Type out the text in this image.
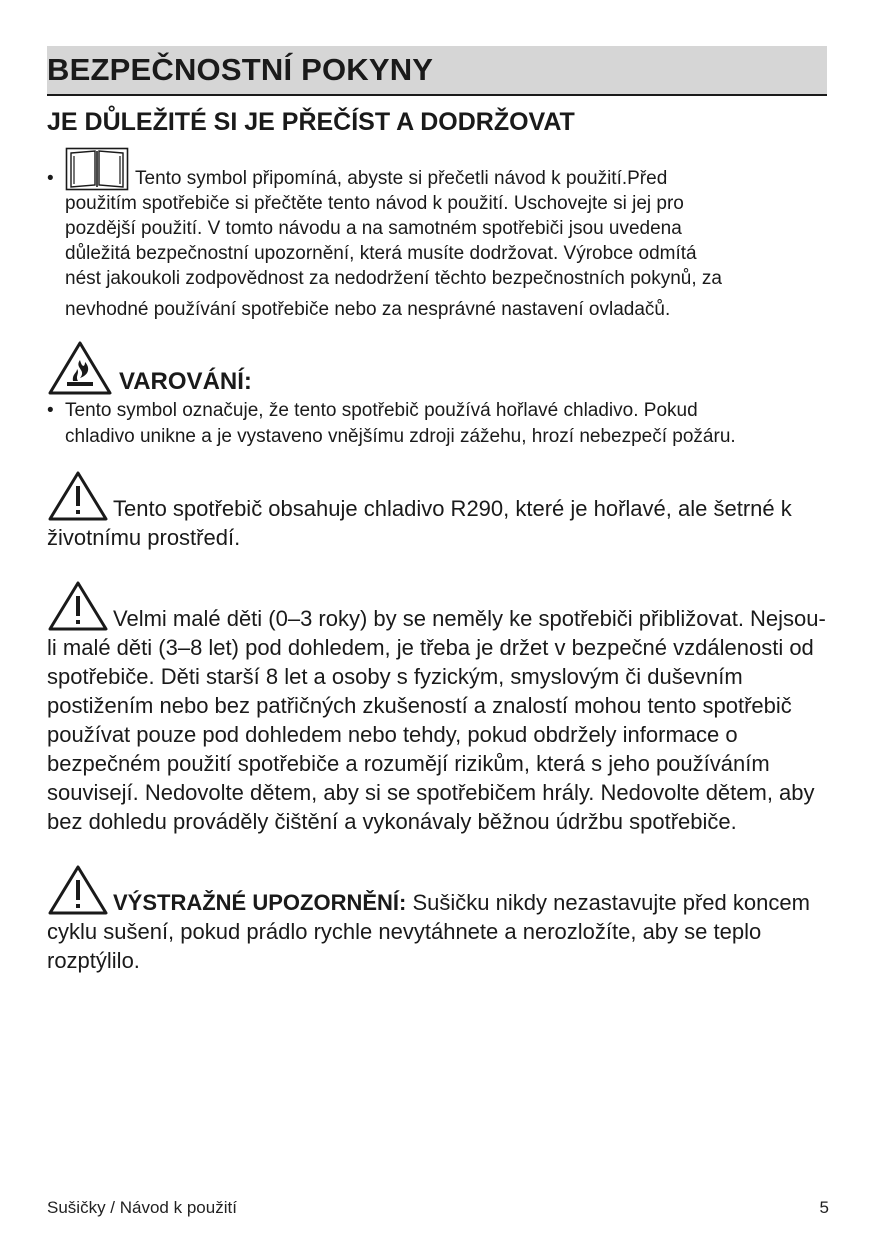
BEZPEČNOSTNÍ POKYNY
JE DŮLEŽITÉ SI JE PŘEČÍST A DODRŽOVAT
•	Tento symbol připomíná, abyste si přečetli návod k použití.Před
použitím spotřebiče si přečtěte tento návod k použití. Uschovejte si jej pro
pozdější použití. V tomto návodu a na samotném spotřebiči jsou uvedena
důležitá bezpečnostní upozornění, která musíte dodržovat. Výrobce odmítá
nést jakoukoli zodpovědnost za nedodržení těchto bezpečnostních pokynů, za
nevhodné používání spotřebiče nebo za nesprávné nastavení ovladačů.
VAROVÁNÍ:
• Tento symbol označuje, že tento spotřebič používá hořlavé chladivo. Pokud
chladivo unikne a je vystaveno vnějšímu zdroji zážehu, hrozí nebezpečí požáru.
Tento spotřebič obsahuje chladivo R290, které je hořlavé, ale šetrné k životnímu prostředí.
Velmi malé děti (0–3 roky) by se neměly ke spotřebiči přibližovat. Nejsou-li malé děti (3–8 let) pod dohledem, je třeba je držet v bezpečné vzdálenosti od spotřebiče. Děti starší 8 let a osoby s fyzickým, smyslovým či duševním postižením nebo bez patřičných zkušeností a znalostí mohou tento spotřebič používat pouze pod dohledem nebo tehdy, pokud obdržely informace o bezpečném použití spotřebiče a rozumějí rizikům, která s jeho používáním souvisejí. Nedovolte dětem, aby si se spotřebičem hrály. Nedovolte dětem, aby bez dohledu prováděly čištění a vykonávaly běžnou údržbu spotřebiče.
VÝSTRAŽNÉ UPOZORNĚNÍ: Sušičku nikdy nezastavujte před koncem cyklu sušení, pokud prádlo rychle nevytáhnete a nerozložíte, aby se teplo rozptýlilo.
Sušičky / Návod k použití	5
